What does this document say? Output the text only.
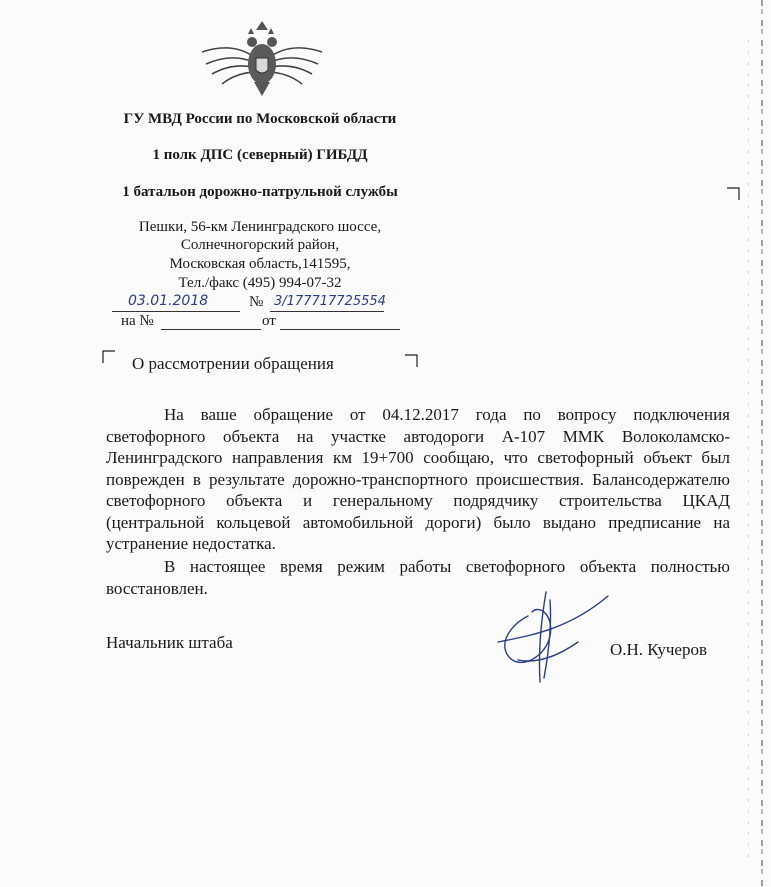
ГУ МВД России по Московской области
1 полк ДПС (северный) ГИБДД
1 батальон дорожно-патрульной службы
Пешки, 56-км Ленинградского шоссе,
Солнечногорский район,
Московская область,141595,
Тел./факс (495) 994-07-32
03.01.2018	№ 3/177717725554
на №	от
О рассмотрении обращения
На ваше обращение от 04.12.2017 года по вопросу подключения светофорного объекта на участке автодороги А-107 ММК Волоколамско-Ленинградского направления км 19+700 сообщаю, что светофорный объект был поврежден в результате дорожно-транспортного происшествия. Балансодержателю светофорного объекта и генеральному подрядчику строительства ЦКАД (центральной кольцевой автомобильной дороги) было выдано предписание на устранение недостатка.
В настоящее время режим работы светофорного объекта полностью восстановлен.
Начальник штаба	О.Н. Кучеров
